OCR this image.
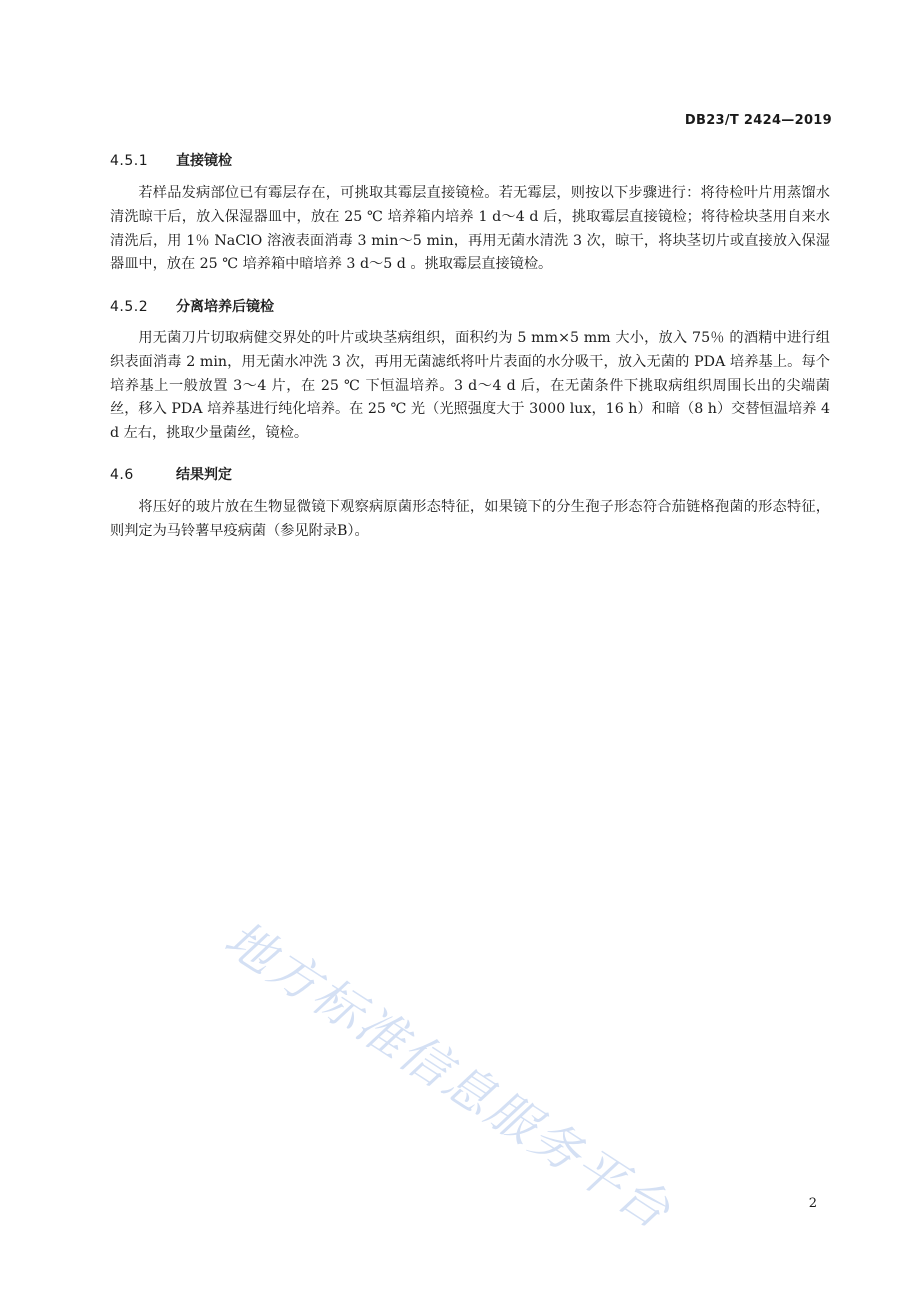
DB23/T 2424—2019
4.5.1	直接镜检

若样品发病部位已有霉层存在，可挑取其霉层直接镜检。若无霉层，则按以下步骤进行：将待检叶片用蒸馏水清洗晾干后，放入保湿器皿中，放在 25 ℃ 培养箱内培养 1 d～4 d 后，挑取霉层直接镜检；将待检块茎用自来水清洗后，用 1％ NaClO 溶液表面消毒 3 min～5 min，再用无菌水清洗 3 次，晾干，将块茎切片或直接放入保湿器皿中，放在 25 ℃ 培养箱中暗培养 3 d～5 d 。挑取霉层直接镜检。

4.5.2	分离培养后镜检

用无菌刀片切取病健交界处的叶片或块茎病组织，面积约为 5 mm×5 mm 大小，放入 75％ 的酒精中进行组织表面消毒 2 min，用无菌水冲洗 3 次，再用无菌滤纸将叶片表面的水分吸干，放入无菌的 PDA 培养基上。每个培养基上一般放置 3～4 片，在 25 ℃ 下恒温培养。3 d～4 d 后，在无菌条件下挑取病组织周围长出的尖端菌丝，移入 PDA 培养基进行纯化培养。在 25 ℃ 光（光照强度大于 3000 lux，16 h）和暗（8 h）交替恒温培养 4 d 左右，挑取少量菌丝，镜检。

4.6	结果判定

将压好的玻片放在生物显微镜下观察病原菌形态特征，如果镜下的分生孢子形态符合茄链格孢菌的形态特征，则判定为马铃薯早疫病菌（参见附录B）。

地方标准信息服务平台	2
